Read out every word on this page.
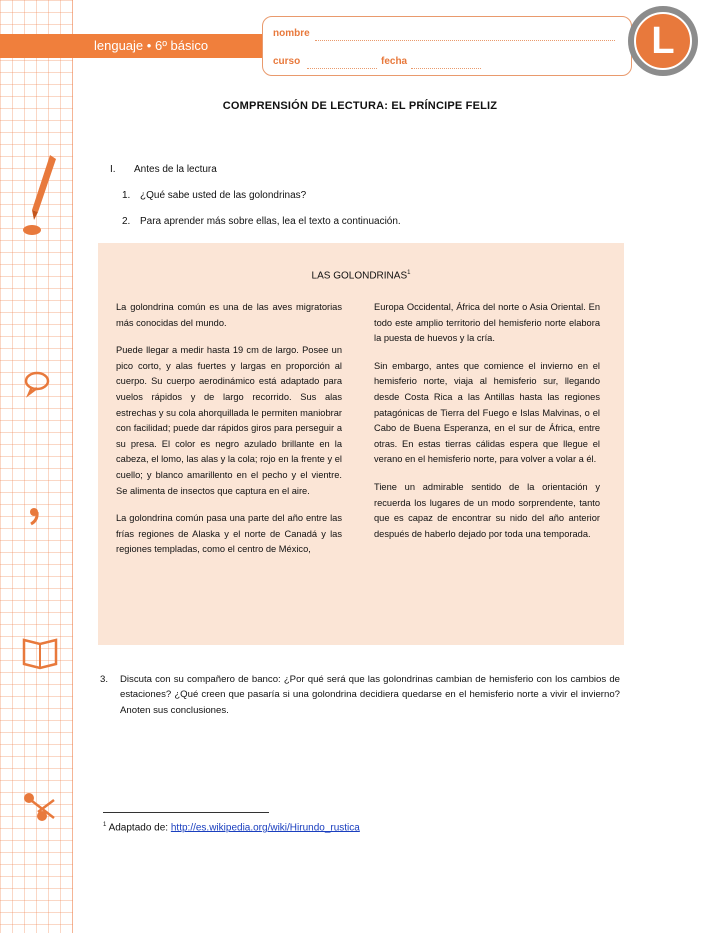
lenguaje • 6º básico
nombre
curso	fecha	L
COMPRENSIÓN DE LECTURA: EL PRÍNCIPE FELIZ
I. Antes de la lectura
1. ¿Qué sabe usted de las golondrinas?
2. Para aprender más sobre ellas, lea el texto a continuación.
LAS GOLONDRINAS$^1$

La golondrina común es una de las aves migratorias más conocidas del mundo.

Puede llegar a medir hasta 19 cm de largo. Posee un pico corto, y alas fuertes y largas en proporción al cuerpo. Su cuerpo aerodinámico está adaptado para vuelos rápidos y de largo recorrido. Sus alas estrechas y su cola ahorquillada le permiten maniobrar con facilidad; puede dar rápidos giros para perseguir a su presa. El color es negro azulado brillante en la cabeza, el lomo, las alas y la cola; rojo en la frente y el cuello; y blanco amarillento en el pecho y el vientre. Se alimenta de insectos que captura en el aire.

La golondrina común pasa una parte del año entre las frías regiones de Alaska y el norte de Canadá y las regiones templadas, como el centro de México,

Europa Occidental, África del norte o Asia Oriental. En todo este amplio territorio del hemisferio norte elabora la puesta de huevos y la cría.

Sin embargo, antes que comience el invierno en el hemisferio norte, viaja al hemisferio sur, llegando desde Costa Rica a las Antillas hasta las regiones patagónicas de Tierra del Fuego e Islas Malvinas, o el Cabo de Buena Esperanza, en el sur de África, entre otras. En estas tierras cálidas espera que llegue el verano en el hemisferio norte, para volver a volar a él.

Tiene un admirable sentido de la orientación y recuerda los lugares de un modo sorprendente, tanto que es capaz de encontrar su nido del año anterior después de haberlo dejado por toda una temporada.

3. Discuta con su compañero de banco: ¿Por qué será que las golondrinas cambian de hemisferio con los cambios de estaciones? ¿Qué creen que pasaría si una golondrina decidiera quedarse en el hemisferio norte a vivir el invierno? Anoten sus conclusiones.
$^1$ Adaptado de: http://es.wikipedia.org/wiki/Hirundo_rustica
